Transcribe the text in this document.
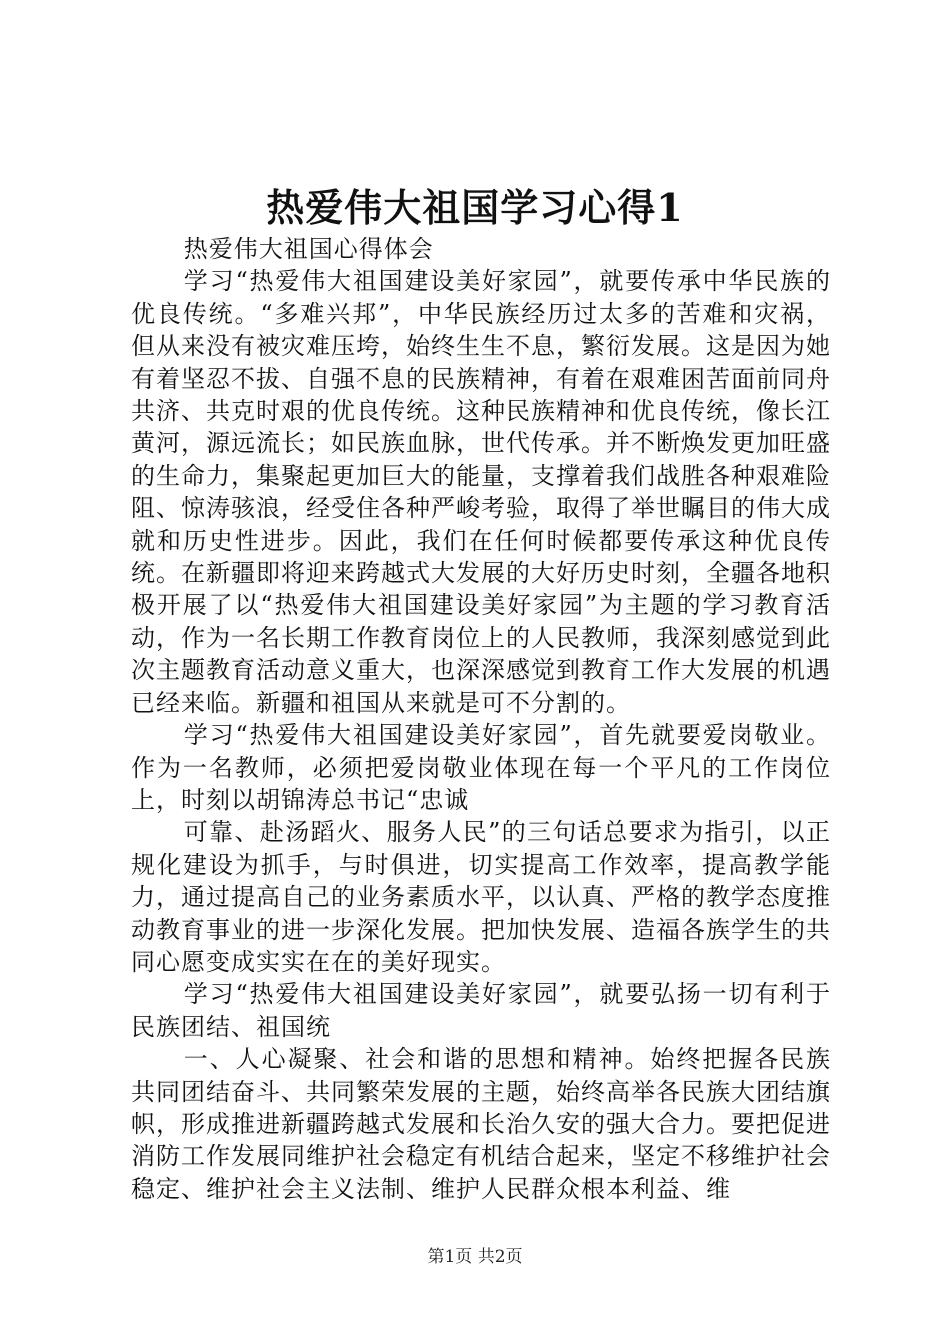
热爱伟大祖国学习心得1

热爱伟大祖国心得体会

学习“热爱伟大祖国建设美好家园”，就要传承中华民族的优良传统。“多难兴邦”，中华民族经历过太多的苦难和灾祸，但从来没有被灾难压垮，始终生生不息，繁衍发展。这是因为她有着坚忍不拔、自强不息的民族精神，有着在艰难困苦面前同舟共济、共克时艰的优良传统。这种民族精神和优良传统，像长江黄河，源远流长；如民族血脉，世代传承。并不断焕发更加旺盛的生命力，集聚起更加巨大的能量，支撑着我们战胜各种艰难险阻、惊涛骇浪，经受住各种严峻考验，取得了举世瞩目的伟大成就和历史性进步。因此，我们在任何时候都要传承这种优良传统。在新疆即将迎来跨越式大发展的大好历史时刻，全疆各地积极开展了以“热爱伟大祖国建设美好家园”为主题的学习教育活动，作为一名长期工作教育岗位上的人民教师，我深刻感觉到此次主题教育活动意义重大，也深深感觉到教育工作大发展的机遇已经来临。新疆和祖国从来就是可不分割的。

学习“热爱伟大祖国建设美好家园”，首先就要爱岗敬业。作为一名教师，必须把爱岗敬业体现在每一个平凡的工作岗位上，时刻以胡锦涛总书记“忠诚

可靠、赴汤蹈火、服务人民”的三句话总要求为指引，以正规化建设为抓手，与时俱进，切实提高工作效率，提高教学能力，通过提高自己的业务素质水平，以认真、严格的教学态度推动教育事业的进一步深化发展。把加快发展、造福各族学生的共同心愿变成实实在在的美好现实。

学习“热爱伟大祖国建设美好家园”，就要弘扬一切有利于民族团结、祖国统

一、人心凝聚、社会和谐的思想和精神。始终把握各民族共同团结奋斗、共同繁荣发展的主题，始终高举各民族大团结旗帜，形成推进新疆跨越式发展和长治久安的强大合力。要把促进消防工作发展同维护社会稳定有机结合起来，坚定不移维护社会稳定、维护社会主义法制、维护人民群众根本利益、维

第1页 共2页
